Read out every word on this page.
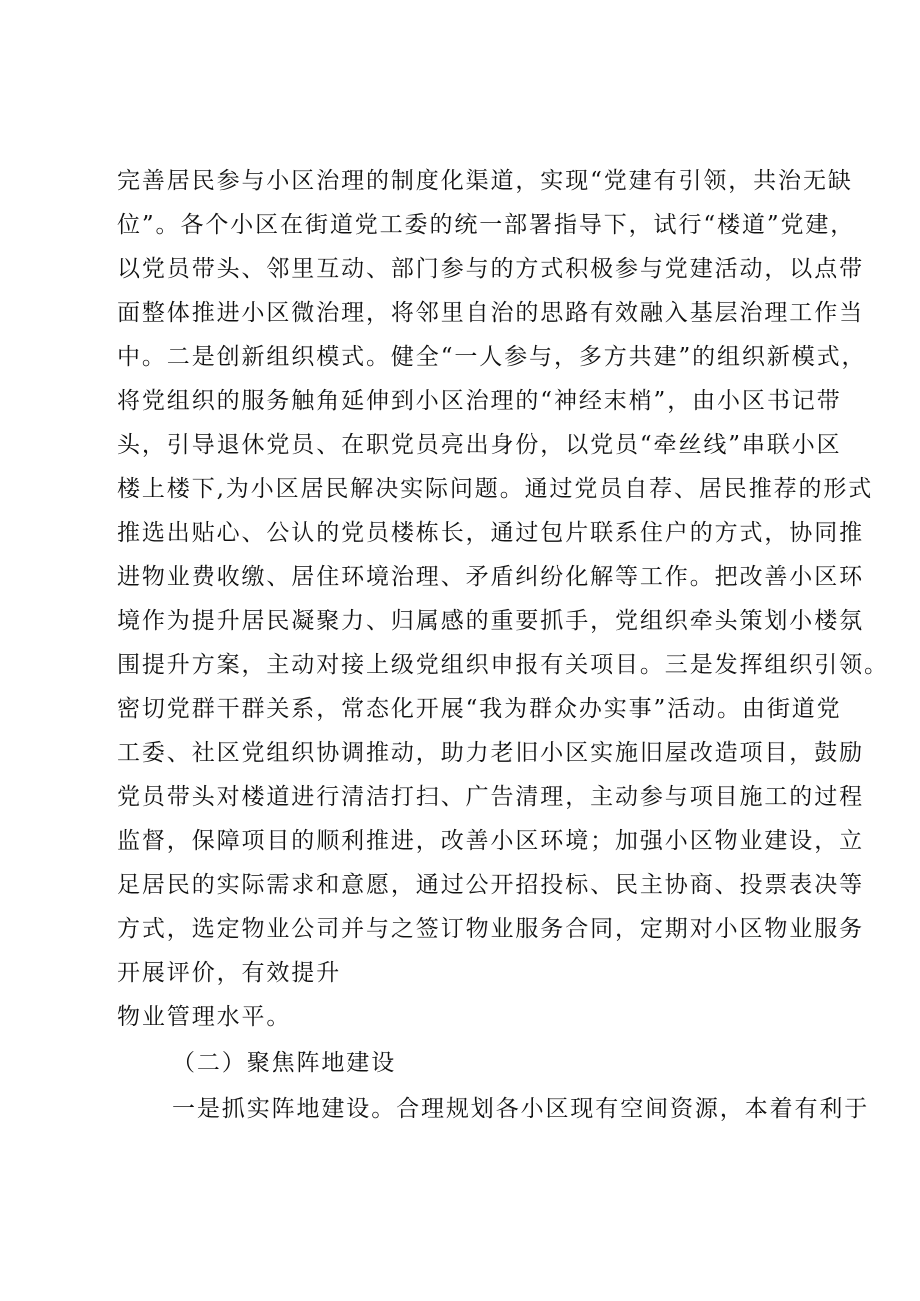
完善居民参与小区治理的制度化渠道，实现“党建有引领，共治无缺
位”。各个小区在街道党工委的统一部署指导下，试行“楼道”党建，
以党员带头、邻里互动、部门参与的方式积极参与党建活动，以点带
面整体推进小区微治理，将邻里自治的思路有效融入基层治理工作当
中。二是创新组织模式。健全“一人参与，多方共建”的组织新模式，
将党组织的服务触角延伸到小区治理的“神经末梢”，由小区书记带
头，引导退休党员、在职党员亮出身份，以党员“牵丝线”串联小区
楼上楼下,为小区居民解决实际问题。通过党员自荐、居民推荐的形式
推选出贴心、公认的党员楼栋长，通过包片联系住户的方式，协同推
进物业费收缴、居住环境治理、矛盾纠纷化解等工作。把改善小区环
境作为提升居民凝聚力、归属感的重要抓手，党组织牵头策划小楼氛
围提升方案，主动对接上级党组织申报有关项目。三是发挥组织引领。
密切党群干群关系，常态化开展“我为群众办实事”活动。由街道党
工委、社区党组织协调推动，助力老旧小区实施旧屋改造项目，鼓励
党员带头对楼道进行清洁打扫、广告清理，主动参与项目施工的过程
监督，保障项目的顺利推进，改善小区环境；加强小区物业建设，立
足居民的实际需求和意愿，通过公开招投标、民主协商、投票表决等
方式，选定物业公司并与之签订物业服务合同，定期对小区物业服务
开展评价，有效提升
物业管理水平。
（二）聚焦阵地建设
一是抓实阵地建设。合理规划各小区现有空间资源，本着有利于
